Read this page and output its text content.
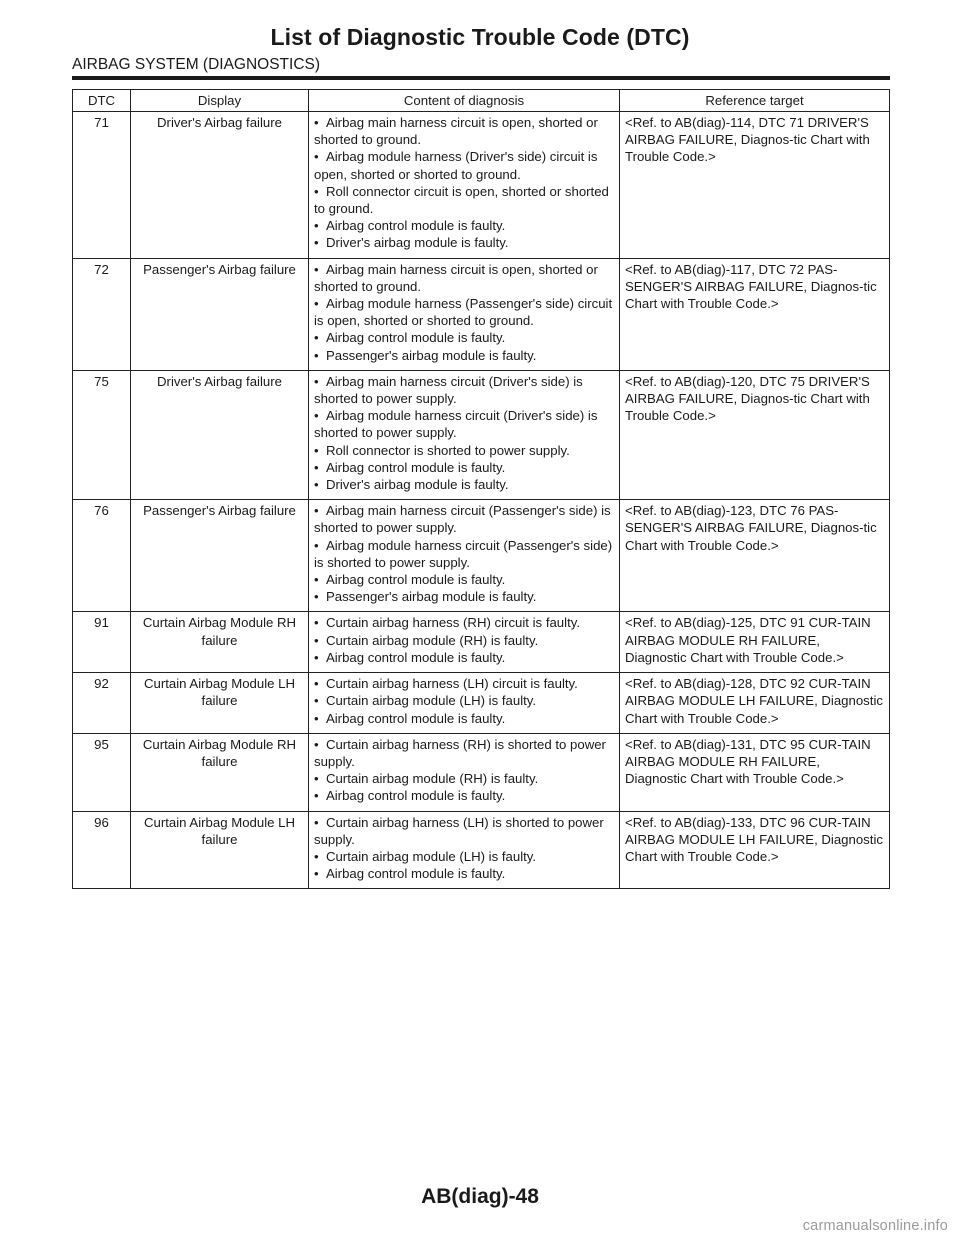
List of Diagnostic Trouble Code (DTC)
AIRBAG SYSTEM (DIAGNOSTICS)
DTC	Display	Content of diagnosis	Reference target
71	Driver's Airbag failure	•  Airbag main harness circuit is open, shorted or shorted to ground.
•  Airbag module harness (Driver's side) circuit is open, shorted or shorted to ground.
•  Roll connector circuit is open, shorted or shorted to ground.
•  Airbag control module is faulty.
•  Driver's airbag module is faulty.	<Ref. to AB(diag)-114, DTC 71 DRIVER'S AIRBAG FAILURE, Diagnos-tic Chart with Trouble Code.>
72	Passenger's Airbag failure	•  Airbag main harness circuit is open, shorted or shorted to ground.
•  Airbag module harness (Passenger's side) circuit is open, shorted or shorted to ground.
•  Airbag control module is faulty.
•  Passenger's airbag module is faulty.	<Ref. to AB(diag)-117, DTC 72 PAS-SENGER'S AIRBAG FAILURE, Diagnos-tic Chart with Trouble Code.>
75	Driver's Airbag failure	•  Airbag main harness circuit (Driver's side) is shorted to power supply.
•  Airbag module harness circuit (Driver's side) is shorted to power supply.
•  Roll connector is shorted to power supply.
•  Airbag control module is faulty.
•  Driver's airbag module is faulty.	<Ref. to AB(diag)-120, DTC 75 DRIVER'S AIRBAG FAILURE, Diagnos-tic Chart with Trouble Code.>
76	Passenger's Airbag failure	•  Airbag main harness circuit (Passenger's side) is shorted to power supply.
•  Airbag module harness circuit (Passenger's side) is shorted to power supply.
•  Airbag control module is faulty.
•  Passenger's airbag module is faulty.	<Ref. to AB(diag)-123, DTC 76 PAS-SENGER'S AIRBAG FAILURE, Diagnos-tic Chart with Trouble Code.>
91	Curtain Airbag Module RH
failure	•  Curtain airbag harness (RH) circuit is faulty.
•  Curtain airbag module (RH) is faulty.
•  Airbag control module is faulty.	<Ref. to AB(diag)-125, DTC 91 CUR-TAIN AIRBAG MODULE RH FAILURE, Diagnostic Chart with Trouble Code.>
92	Curtain Airbag Module LH
failure	•  Curtain airbag harness (LH) circuit is faulty.
•  Curtain airbag module (LH) is faulty.
•  Airbag control module is faulty.	<Ref. to AB(diag)-128, DTC 92 CUR-TAIN AIRBAG MODULE LH FAILURE, Diagnostic Chart with Trouble Code.>
95	Curtain Airbag Module RH
failure	•  Curtain airbag harness (RH) is shorted to power supply.
•  Curtain airbag module (RH) is faulty.
•  Airbag control module is faulty.	<Ref. to AB(diag)-131, DTC 95 CUR-TAIN AIRBAG MODULE RH FAILURE, Diagnostic Chart with Trouble Code.>
96	Curtain Airbag Module LH
failure	•  Curtain airbag harness (LH) is shorted to power supply.
•  Curtain airbag module (LH) is faulty.
•  Airbag control module is faulty.	<Ref. to AB(diag)-133, DTC 96 CUR-TAIN AIRBAG MODULE LH FAILURE, Diagnostic Chart with Trouble Code.>
AB(diag)-48
carmanualsonline.info
